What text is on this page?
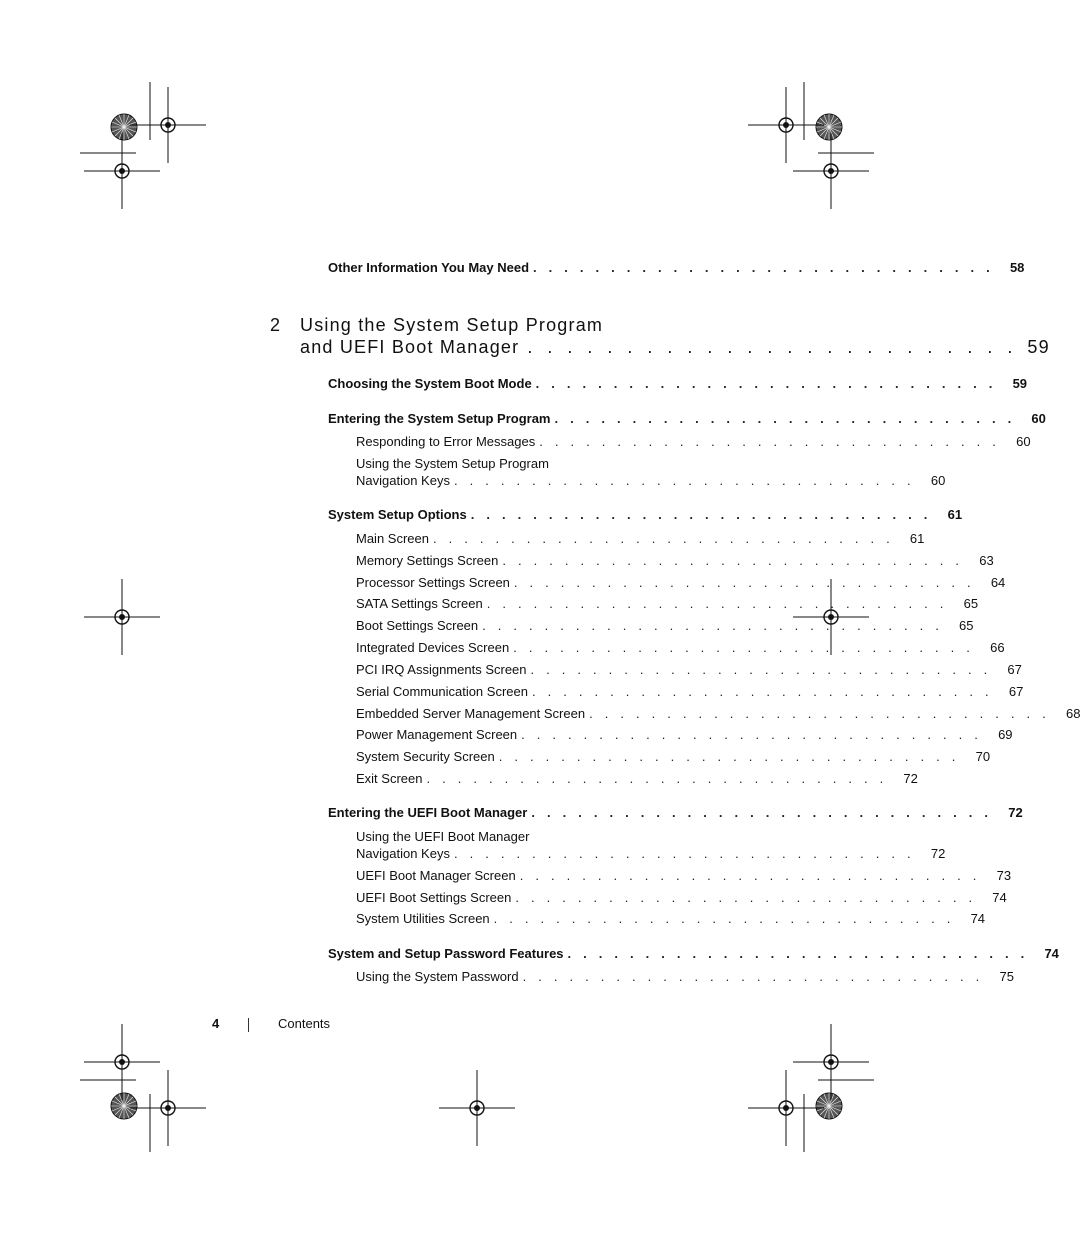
Other Information You May Need . . . . . . . . . . . . . . . . . . . . . . . . . . . . . . 58
2 Using the System Setup Program
and UEFI Boot Manager . . . . . . . . . . . . . . . . . . . . . . . . . 59
Choosing the System Boot Mode . . . . . . . . . . . . . . . . . . . . . . . . . . . . . . 59
Entering the System Setup Program . . . . . . . . . . . . . . . . . . . . . . . . . . . . . . 60
Responding to Error Messages . . . . . . . . . . . . . . . . . . . . . . . . . . . . . . 60
Using the System Setup Program
Navigation Keys . . . . . . . . . . . . . . . . . . . . . . . . . . . . . . 60
System Setup Options . . . . . . . . . . . . . . . . . . . . . . . . . . . . . . 61
Main Screen . . . . . . . . . . . . . . . . . . . . . . . . . . . . . . 61
Memory Settings Screen . . . . . . . . . . . . . . . . . . . . . . . . . . . . . . 63
Processor Settings Screen . . . . . . . . . . . . . . . . . . . . . . . . . . . . . . 64
SATA Settings Screen . . . . . . . . . . . . . . . . . . . . . . . . . . . . . . 65
Boot Settings Screen . . . . . . . . . . . . . . . . . . . . . . . . . . . . . . 65
Integrated Devices Screen . . . . . . . . . . . . . . . . . . . . . . . . . . . . . . 66
PCI IRQ Assignments Screen . . . . . . . . . . . . . . . . . . . . . . . . . . . . . . 67
Serial Communication Screen . . . . . . . . . . . . . . . . . . . . . . . . . . . . . . 67
Embedded Server Management Screen . . . . . . . . . . . . . . . . . . . . . . . . . . . . . . 68
Power Management Screen . . . . . . . . . . . . . . . . . . . . . . . . . . . . . . 69
System Security Screen . . . . . . . . . . . . . . . . . . . . . . . . . . . . . . 70
Exit Screen . . . . . . . . . . . . . . . . . . . . . . . . . . . . . . 72
Entering the UEFI Boot Manager . . . . . . . . . . . . . . . . . . . . . . . . . . . . . . 72
Using the UEFI Boot Manager
Navigation Keys . . . . . . . . . . . . . . . . . . . . . . . . . . . . . . 72
UEFI Boot Manager Screen . . . . . . . . . . . . . . . . . . . . . . . . . . . . . . 73
UEFI Boot Settings Screen . . . . . . . . . . . . . . . . . . . . . . . . . . . . . . 74
System Utilities Screen . . . . . . . . . . . . . . . . . . . . . . . . . . . . . . 74
System and Setup Password Features . . . . . . . . . . . . . . . . . . . . . . . . . . . . . . 74
Using the System Password . . . . . . . . . . . . . . . . . . . . . . . . . . . . . . 75
4	Contents
